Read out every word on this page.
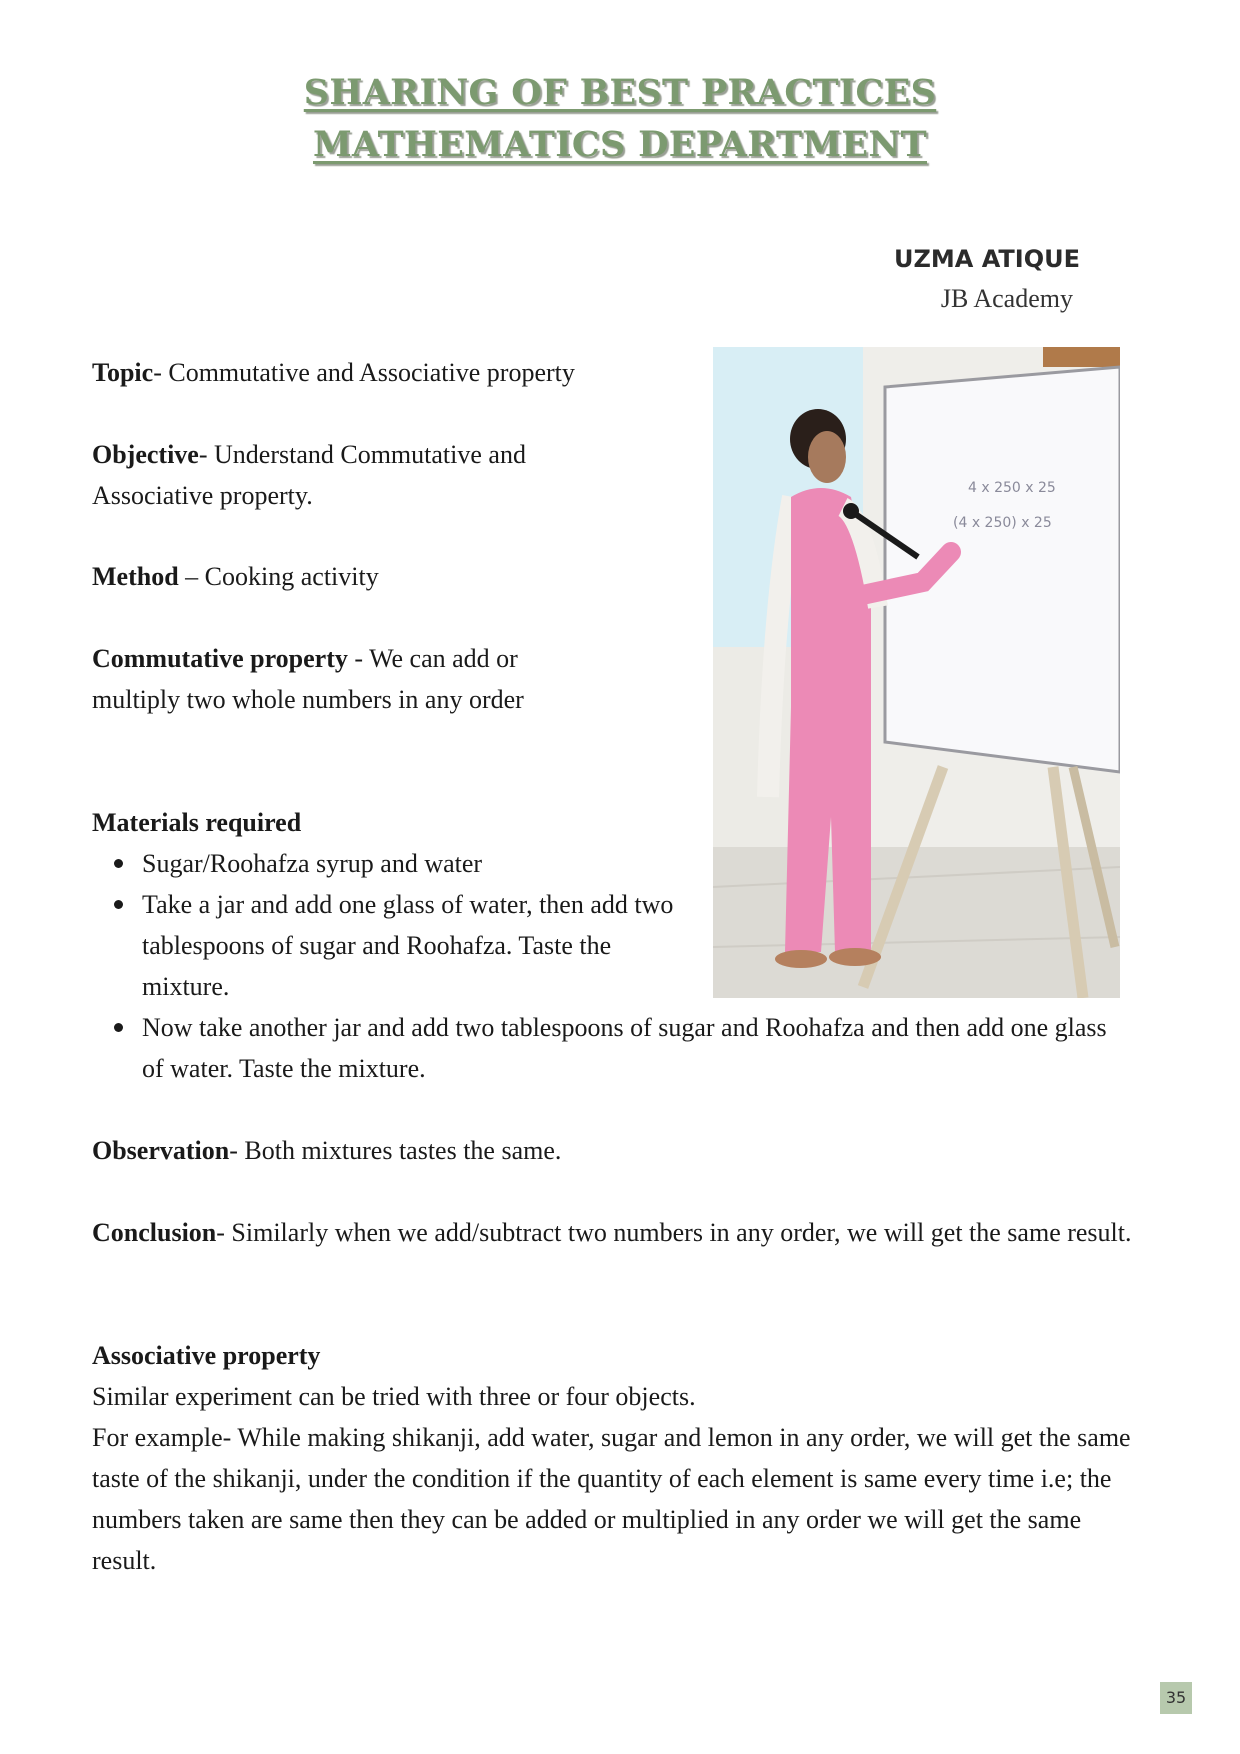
SHARING OF BEST PRACTICES
MATHEMATICS DEPARTMENT
UZMA ATIQUE
JB Academy

Topic- Commutative and Associative property

Objective- Understand Commutative and Associative property.

Method – Cooking activity

Commutative property - We can add or multiply two whole numbers in any order

Materials required

Sugar/Roohafza syrup and water
Take a jar and add one glass of water, then add two tablespoons of sugar and Roohafza. Taste the mixture.
Now take another jar and add two tablespoons of sugar and Roohafza and then add one glass of water. Taste the mixture.

Observation- Both mixtures tastes the same.

Conclusion- Similarly when we add/subtract two numbers in any order, we will get the same result.

Associative property

Similar experiment can be tried with three or four objects.

For example- While making shikanji, add water, sugar and lemon in any order, we will get the same taste of the shikanji, under the condition if the quantity of each element is same every time i.e; the numbers taken are same then they can be added or multiplied in any order we will get the same result.

4 x 250 x 25
(4 x 250) x 25
35
